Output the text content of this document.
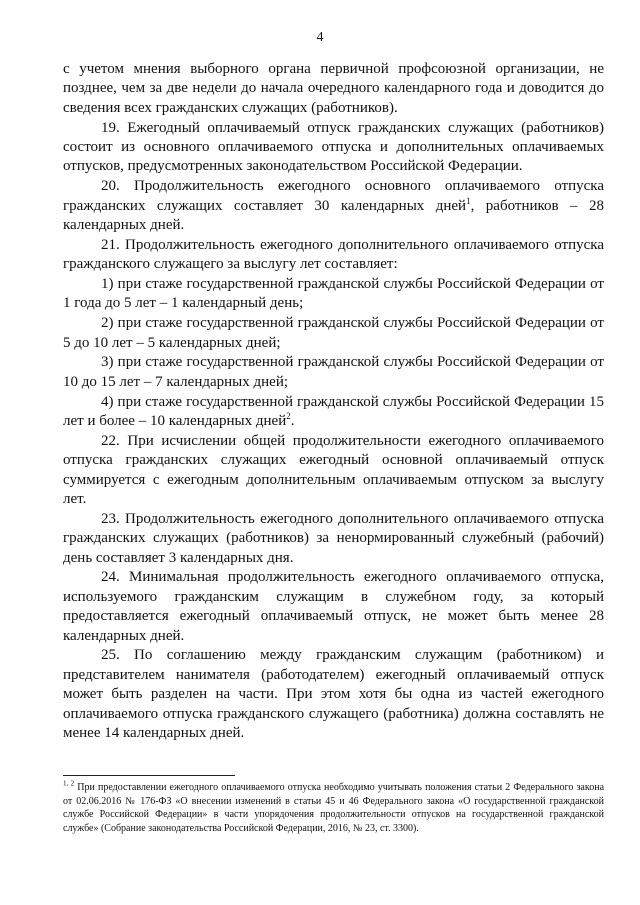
4

с учетом мнения выборного органа первичной профсоюзной организации, не позднее, чем за две недели до начала очередного календарного года и доводится до сведения всех гражданских служащих (работников).

19. Ежегодный оплачиваемый отпуск гражданских служащих (работников) состоит из основного оплачиваемого отпуска и дополнительных оплачиваемых отпусков, предусмотренных законодательством Российской Федерации.

20. Продолжительность ежегодного основного оплачиваемого отпуска гражданских служащих составляет 30 календарных дней$^1$, работников – 28 календарных дней.

21. Продолжительность ежегодного дополнительного оплачиваемого отпуска гражданского служащего за выслугу лет составляет:

1) при стаже государственной гражданской службы Российской Федерации от 1 года до 5 лет – 1 календарный день;

2) при стаже государственной гражданской службы Российской Федерации от 5 до 10 лет – 5 календарных дней;

3) при стаже государственной гражданской службы Российской Федерации от 10 до 15 лет – 7 календарных дней;

4) при стаже государственной гражданской службы Российской Федерации 15 лет и более – 10 календарных дней$^2$.

22. При исчислении общей продолжительности ежегодного оплачиваемого отпуска гражданских служащих ежегодный основной оплачиваемый отпуск суммируется с ежегодным дополнительным оплачиваемым отпуском за выслугу лет.

23. Продолжительность ежегодного дополнительного оплачиваемого отпуска гражданских служащих (работников) за ненормированный служебный (рабочий) день составляет 3 календарных дня.

24. Минимальная продолжительность ежегодного оплачиваемого отпуска, используемого гражданским служащим в служебном году, за который предоставляется ежегодный оплачиваемый отпуск, не может быть менее 28 календарных дней.

25. По соглашению между гражданским служащим (работником) и представителем нанимателя (работодателем) ежегодный оплачиваемый отпуск может быть разделен на части. При этом хотя бы одна из частей ежегодного оплачиваемого отпуска гражданского служащего (работника) должна составлять не менее 14 календарных дней.

$^{1, 2}$ При предоставлении ежегодного оплачиваемого отпуска необходимо учитывать положения статьи 2 Федерального закона от 02.06.2016 № 176-ФЗ «О внесении изменений в статьи 45 и 46 Федерального закона «О государственной гражданской службе Российской Федерации» в части упорядочения продолжительности отпусков на государственной гражданской службе» (Собрание законодательства Российской Федерации, 2016, № 23, ст. 3300).
